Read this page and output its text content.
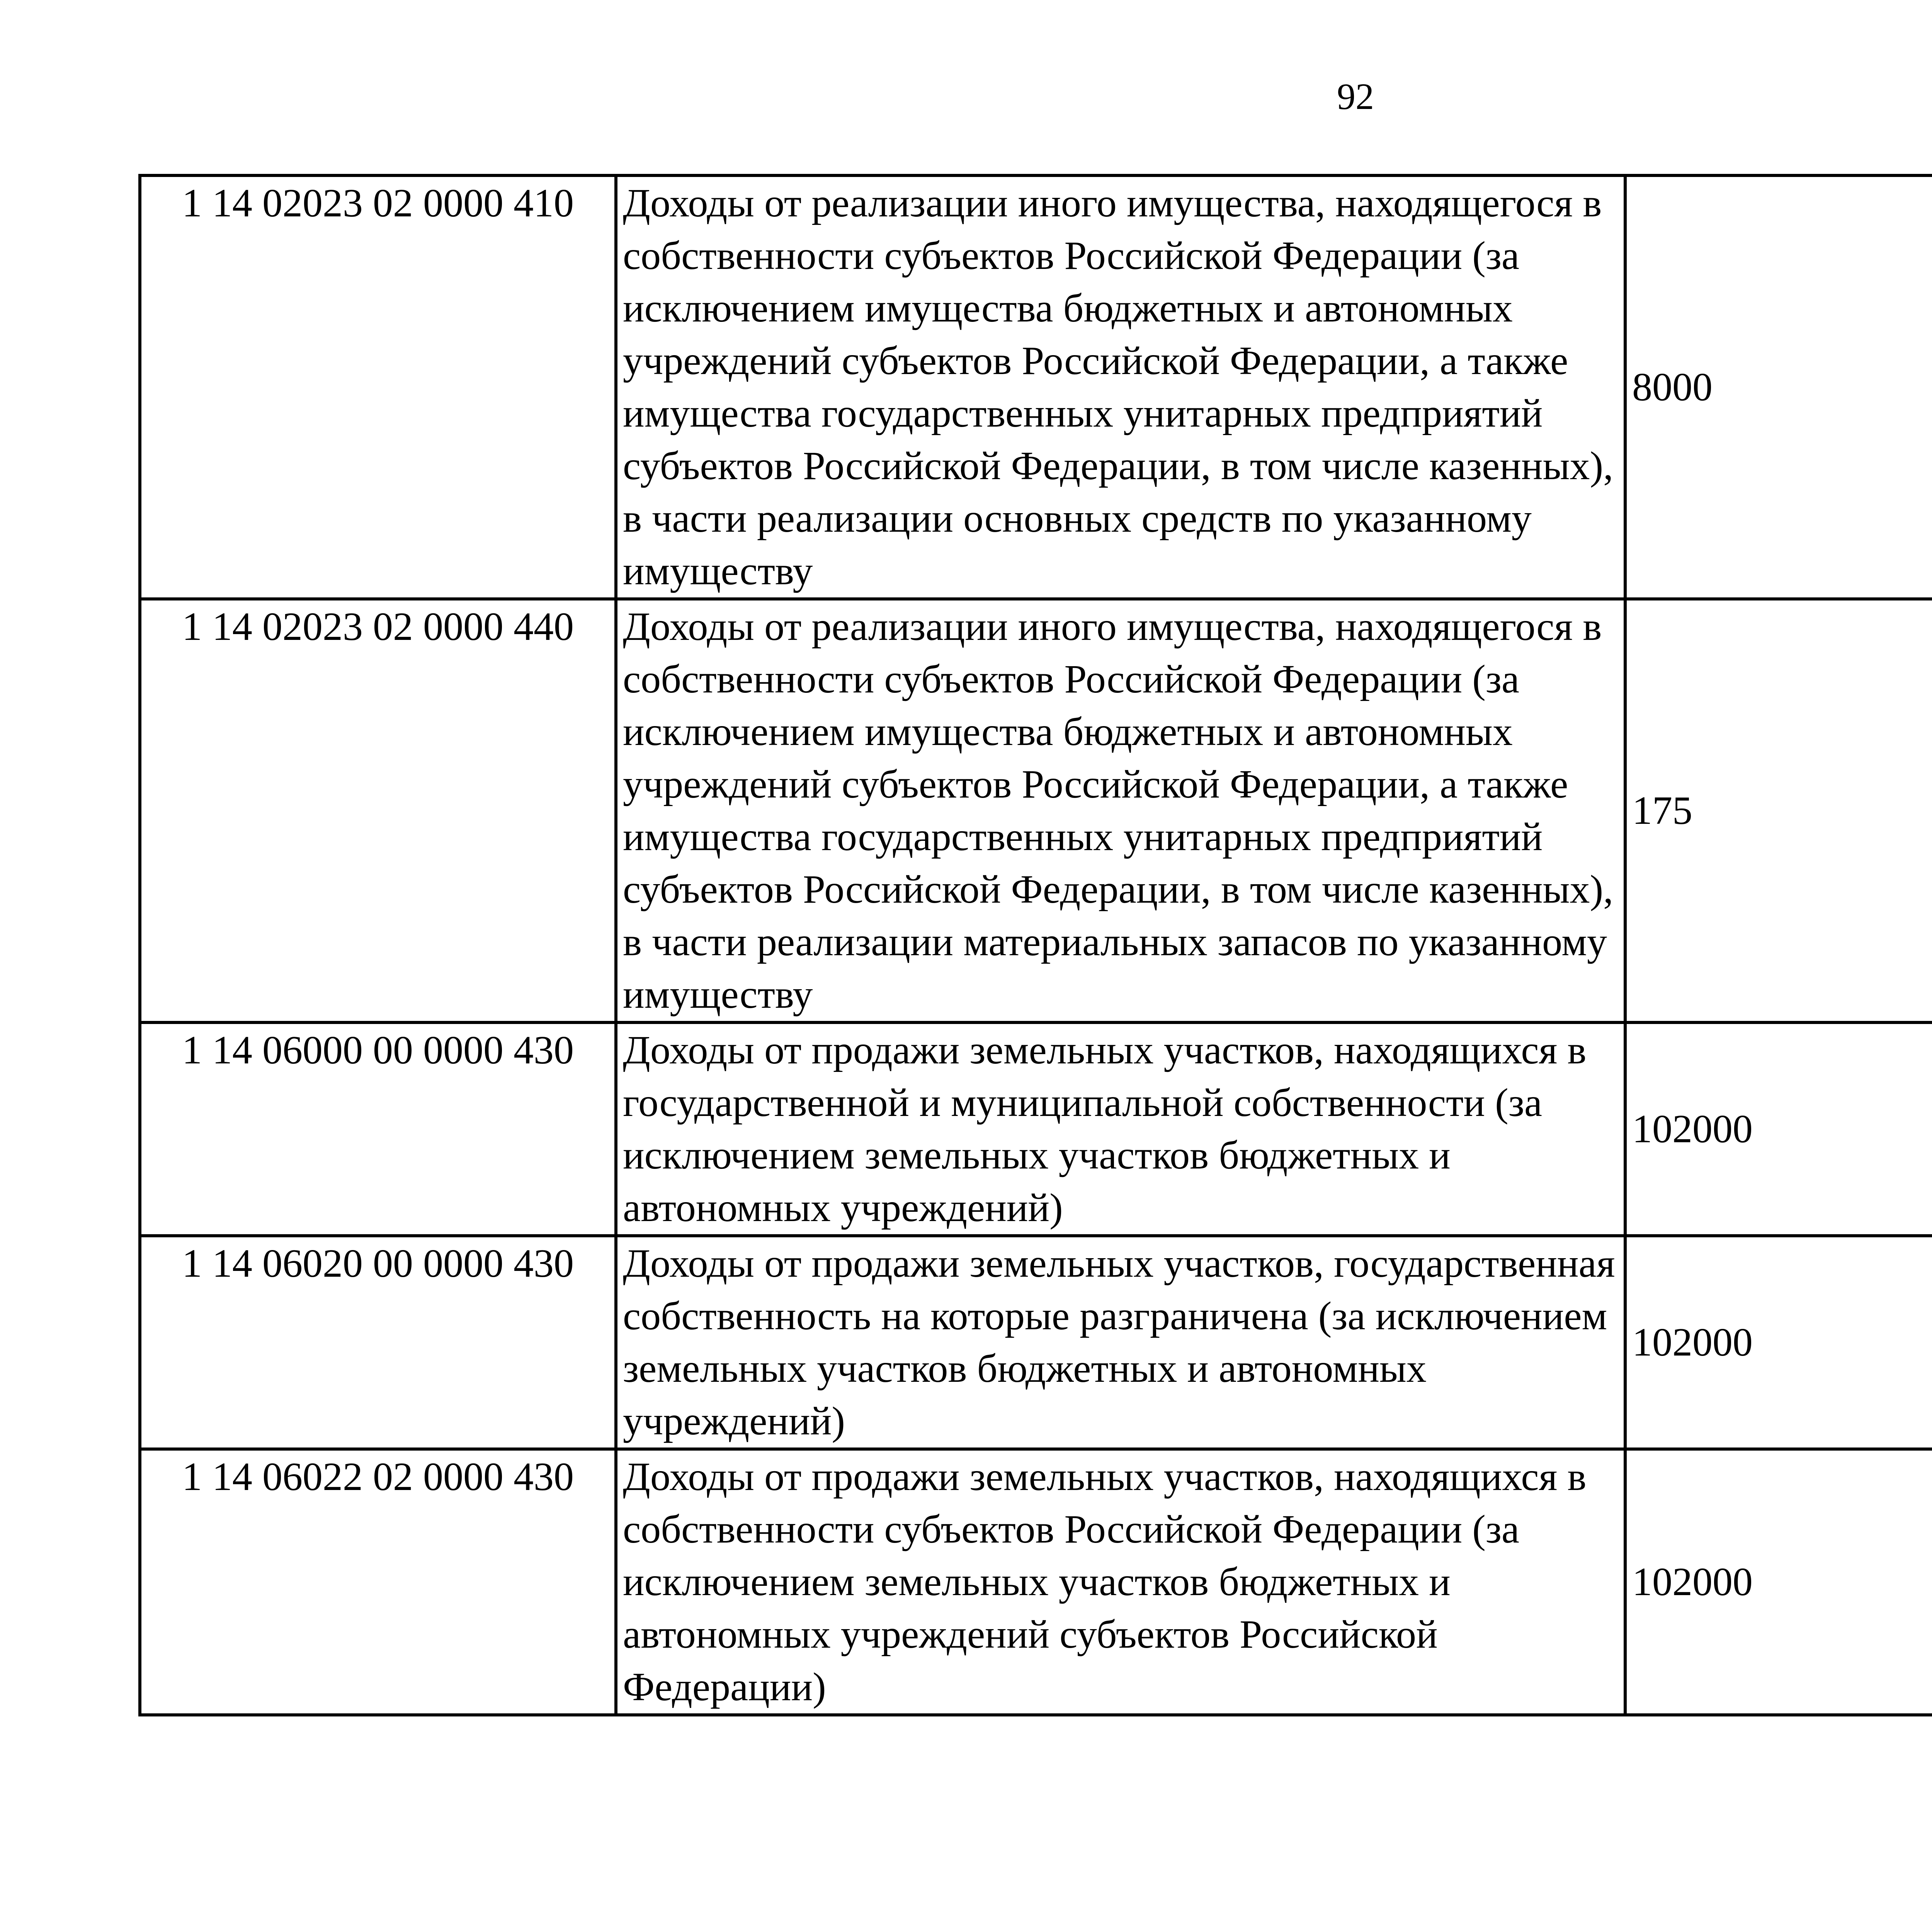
92
1 14 02023 02 0000 410	Доходы от реализации иного имущества, находящегося в собственности субъектов Российской Федерации (за исключением имущества бюджетных и автономных учреждений субъектов Российской Федерации, а также имущества государственных унитарных предприятий субъектов Российской Федерации, в том числе казенных), в части реализации основных средств по указанному имуществу	8000		
1 14 02023 02 0000 440	Доходы от реализации иного имущества, находящегося в собственности субъектов Российской Федерации (за исключением имущества бюджетных и автономных учреждений субъектов Российской Федерации, а также имущества государственных унитарных предприятий субъектов Российской Федерации, в том числе казенных), в части реализации материальных запасов по указанному имуществу	175		
1 14 06000 00 0000 430	Доходы от продажи земельных участков, находящихся в государственной и муниципальной собственности (за исключением земельных участков бюджетных и автономных учреждений)	102000		
1 14 06020 00 0000 430	Доходы от продажи земельных участков, государственная собственность на которые разграничена (за исключением земельных участков бюджетных и автономных учреждений)	102000		
1 14 06022 02 0000 430	Доходы от продажи земельных участков, находящихся в собственности субъектов Российской Федерации (за исключением земельных участков бюджетных и автономных учреждений субъектов Российской Федерации)	102000		
